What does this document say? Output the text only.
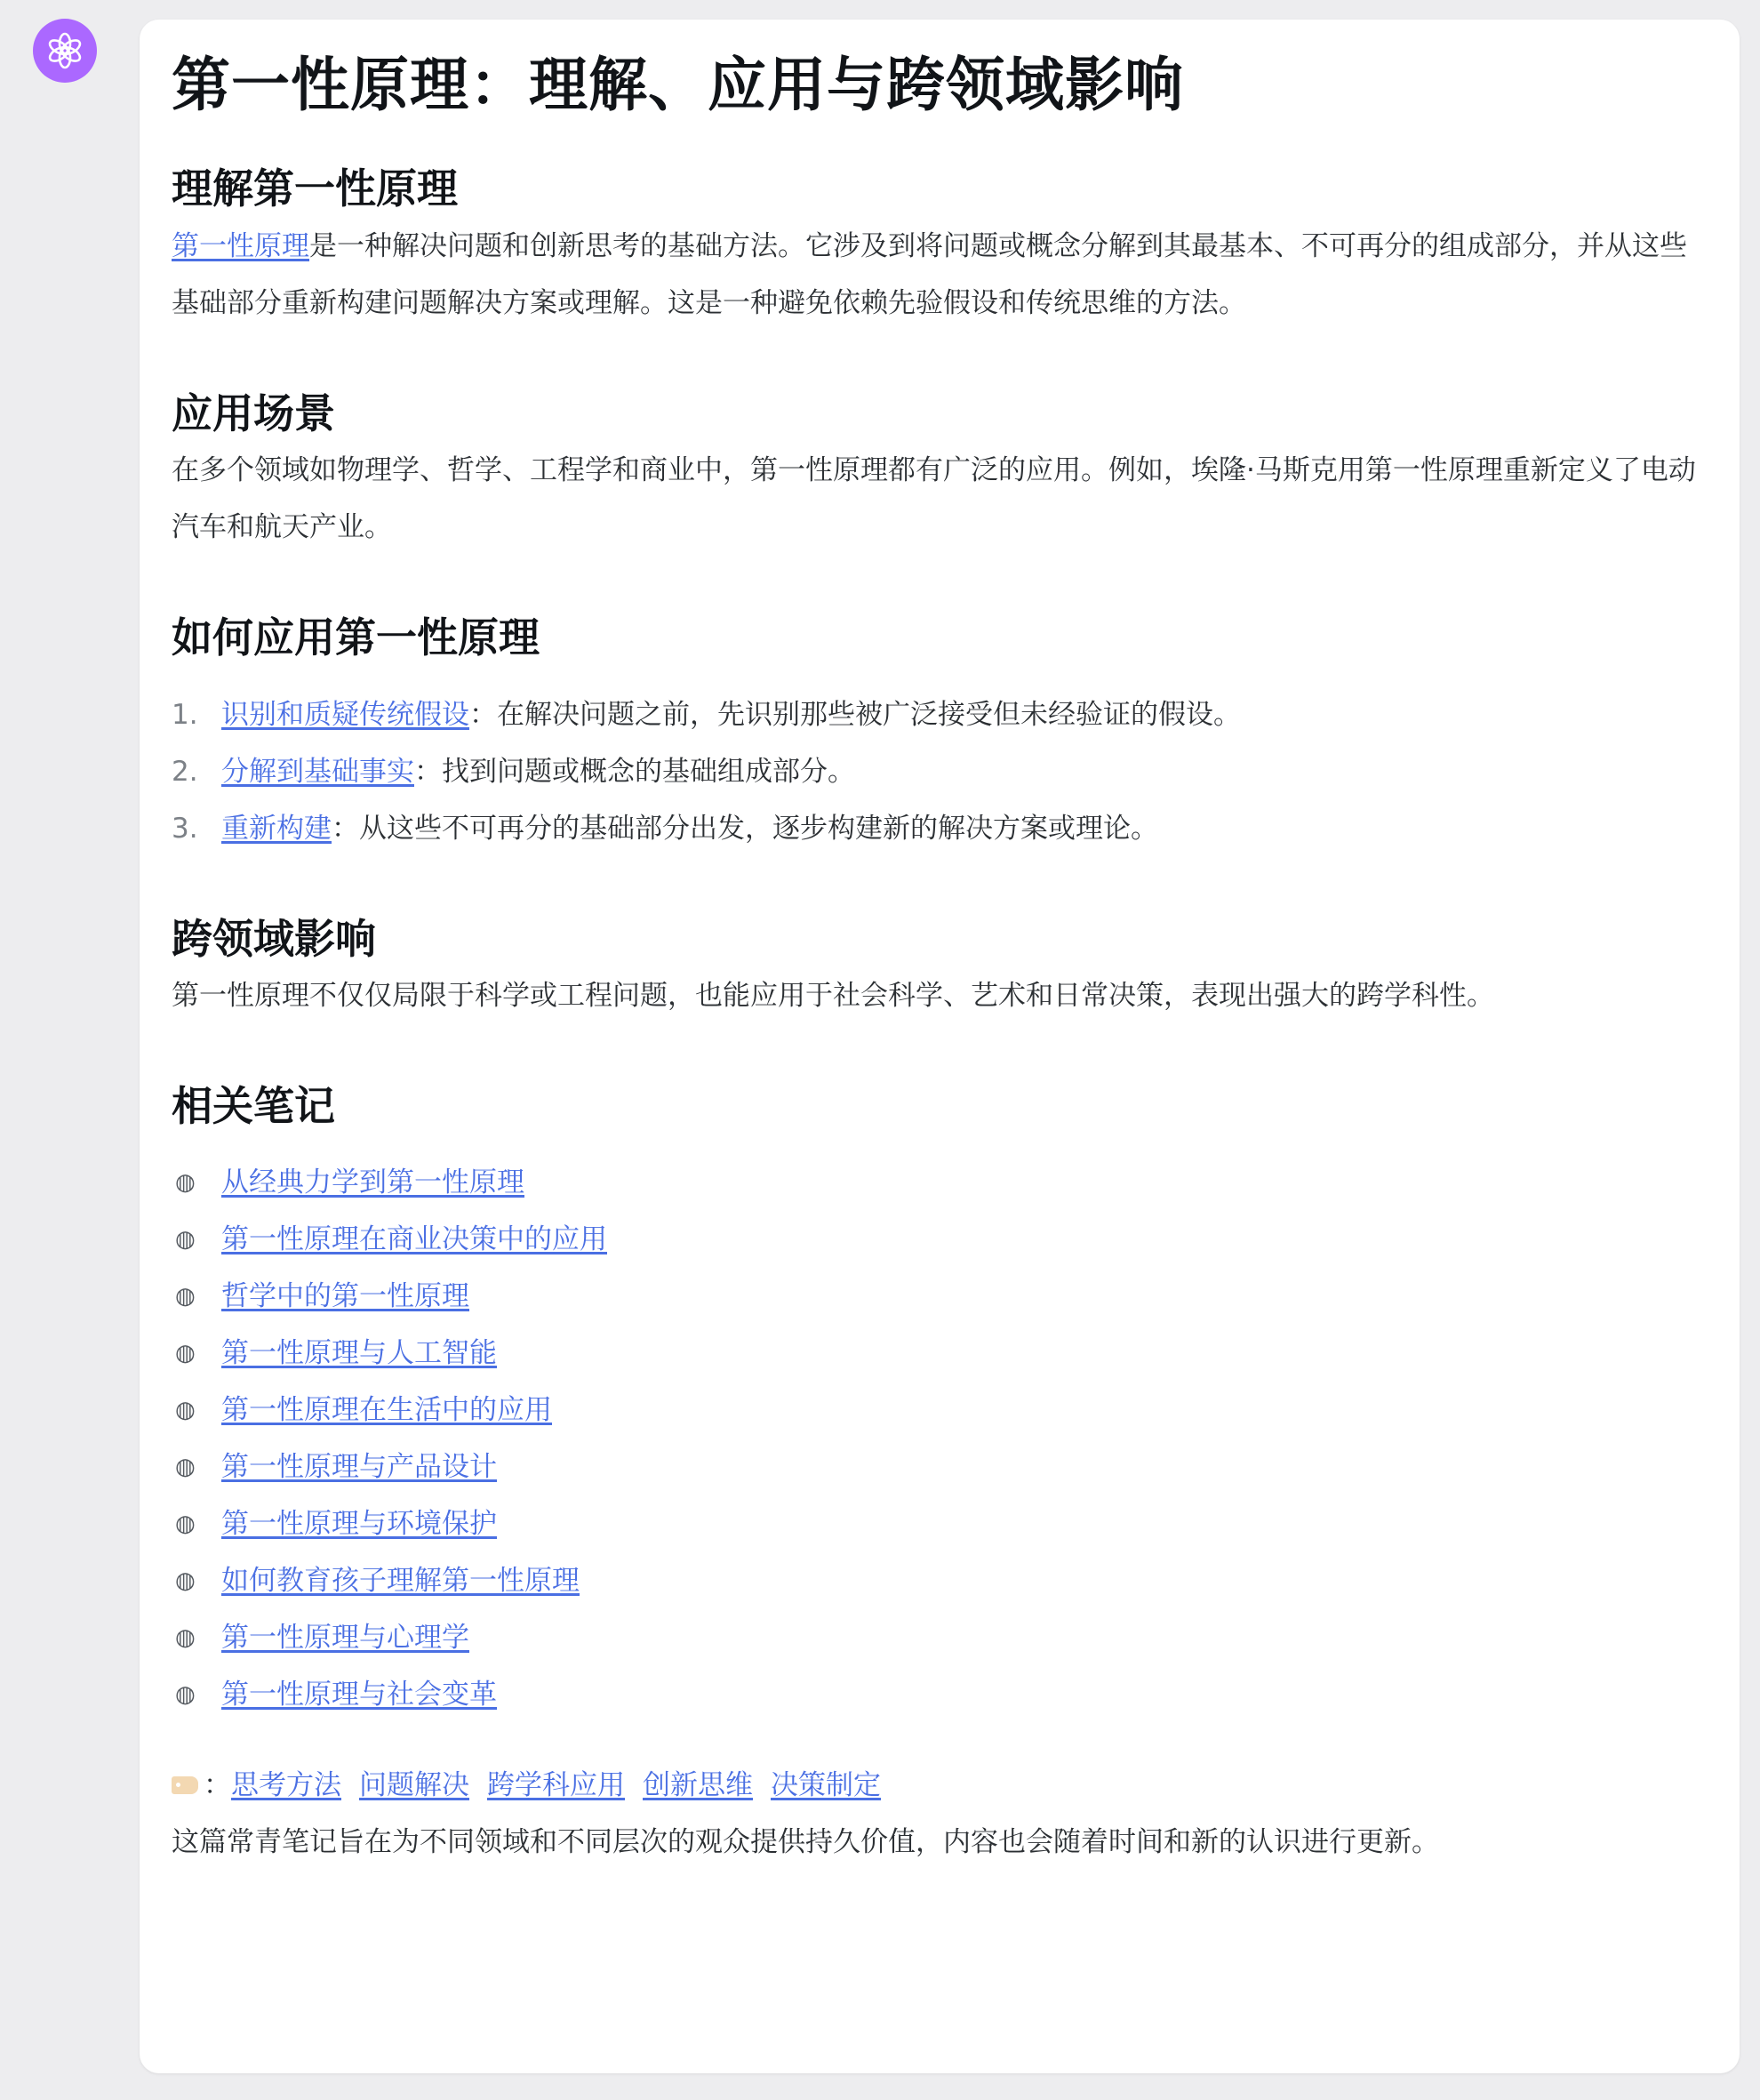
第一性原理：理解、应用与跨领域影响
理解第一性原理

第一性原理是一种解决问题和创新思考的基础方法。它涉及到将问题或概念分解到其最基本、不可再分的组成部分，并从这些基础部分重新构建问题解决方案或理解。这是一种避免依赖先验假设和传统思维的方法。

应用场景

在多个领域如物理学、哲学、工程学和商业中，第一性原理都有广泛的应用。例如，埃隆·马斯克用第一性原理重新定义了电动汽车和航天产业。

如何应用第一性原理
1. 识别和质疑传统假设 ：在解决问题之前，先识别那些被广泛接受但未经验证的假设。
2. 分解到基础事实 ：找到问题或概念的基础组成部分。
3. 重新构建 ：从这些不可再分的基础部分出发，逐步构建新的解决方案或理论。
跨领域影响

第一性原理不仅仅局限于科学或工程问题，也能应用于社会科学、艺术和日常决策，表现出强大的跨学科性。

相关笔记
◍ 从经典力学到第一性原理
◍ 第一性原理在商业决策中的应用
◍ 哲学中的第一性原理
◍ 第一性原理与人工智能
◍ 第一性原理在生活中的应用
◍ 第一性原理与产品设计
◍ 第一性原理与环境保护
◍ 如何教育孩子理解第一性原理
◍ 第一性原理与心理学
◍ 第一性原理与社会变革
： 思考方法 问题解决 跨学科应用 创新思维 决策制定

这篇常青笔记旨在为不同领域和不同层次的观众提供持久价值，内容也会随着时间和新的认识进行更新。
